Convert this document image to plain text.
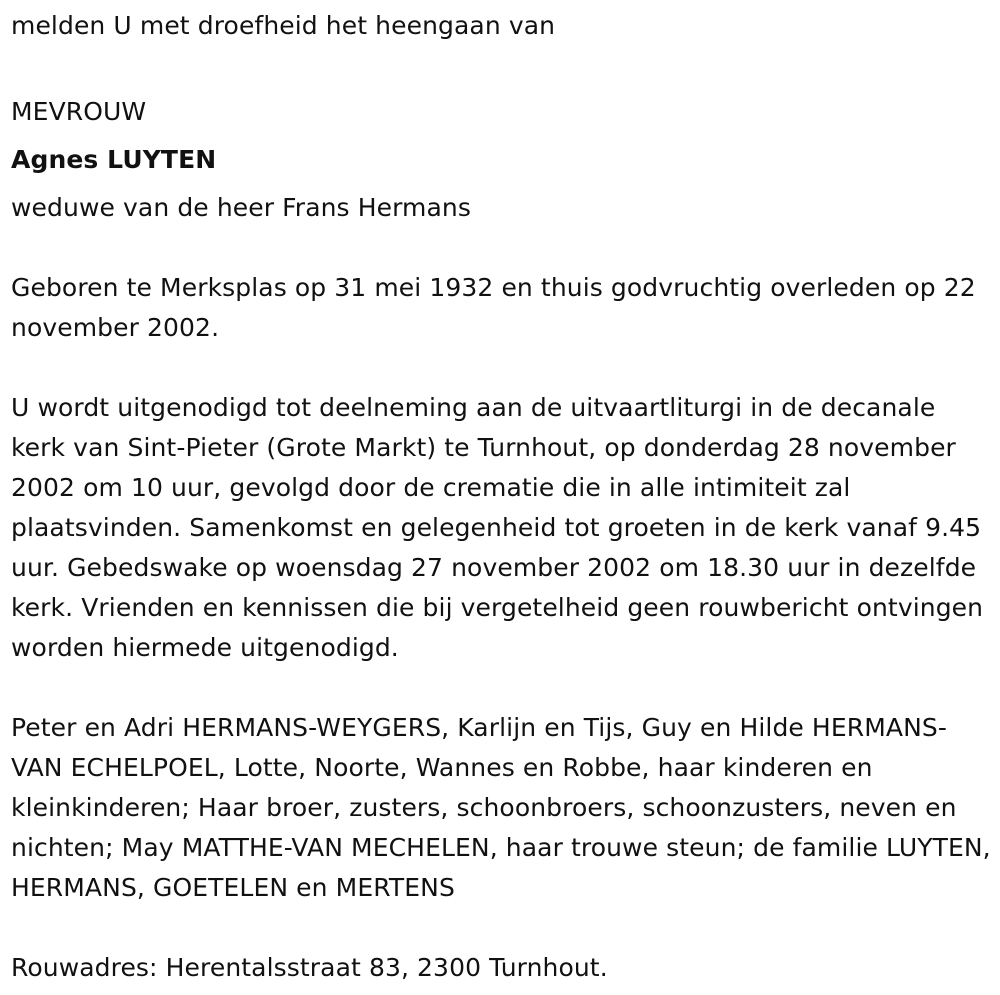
melden U met droefheid het heengaan van

MEVROUW

Agnes LUYTEN

weduwe van de heer Frans Hermans

Geboren te Merksplas op 31 mei 1932 en thuis godvruchtig overleden op 22 november 2002.

U wordt uitgenodigd tot deelneming aan de uitvaartliturgi in de decanale kerk van Sint-Pieter (Grote Markt) te Turnhout, op donderdag 28 november 2002 om 10 uur, gevolgd door de crematie die in alle intimiteit zal plaatsvinden. Samenkomst en gelegenheid tot groeten in de kerk vanaf 9.45 uur. Gebedswake op woensdag 27 november 2002 om 18.30 uur in dezelfde kerk. Vrienden en kennissen die bij vergetelheid geen rouwbericht ontvingen worden hiermede uitgenodigd.

Peter en Adri HERMANS-WEYGERS, Karlijn en Tijs, Guy en Hilde HERMANS-VAN ECHELPOEL, Lotte, Noorte, Wannes en Robbe, haar kinderen en kleinkinderen; Haar broer, zusters, schoonbroers, schoonzusters, neven en nichten; May MATTHE-VAN MECHELEN, haar trouwe steun; de familie LUYTEN, HERMANS, GOETELEN en MERTENS

Rouwadres: Herentalsstraat 83, 2300 Turnhout.
